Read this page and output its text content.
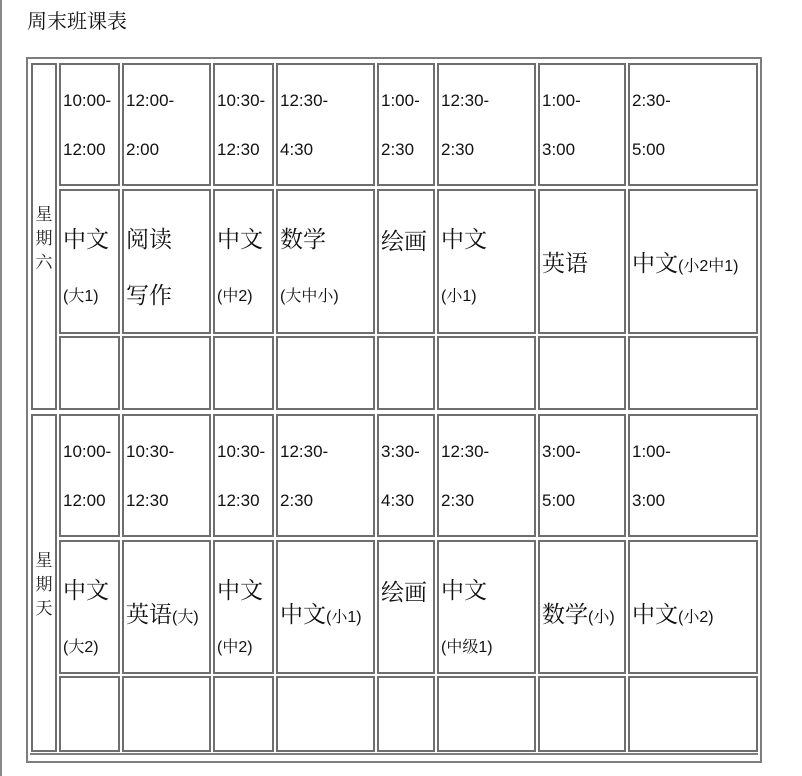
周末班课表
星
期
六
10:00-
12:00
中文
(大1)
12:00-
2:00
阅读
写作
10:30-
12:30
中文
(中2)
12:30-
4:30
数学
(大中小)
1:00-
2:30
绘画
12:30-
2:30
中文
(小1)
1:00-
3:00
英语
2:30-
5:00
中文(小2中1)
星
期
天
10:00-
12:00
中文
(大2)
10:30-
12:30
英语(大)
10:30-
12:30
中文
(中2)
12:30-
2:30
中文(小1)
3:30-
4:30
绘画
12:30-
2:30
中文
(中级1)
3:00-
5:00
数学(小)
1:00-
3:00
中文(小2)
